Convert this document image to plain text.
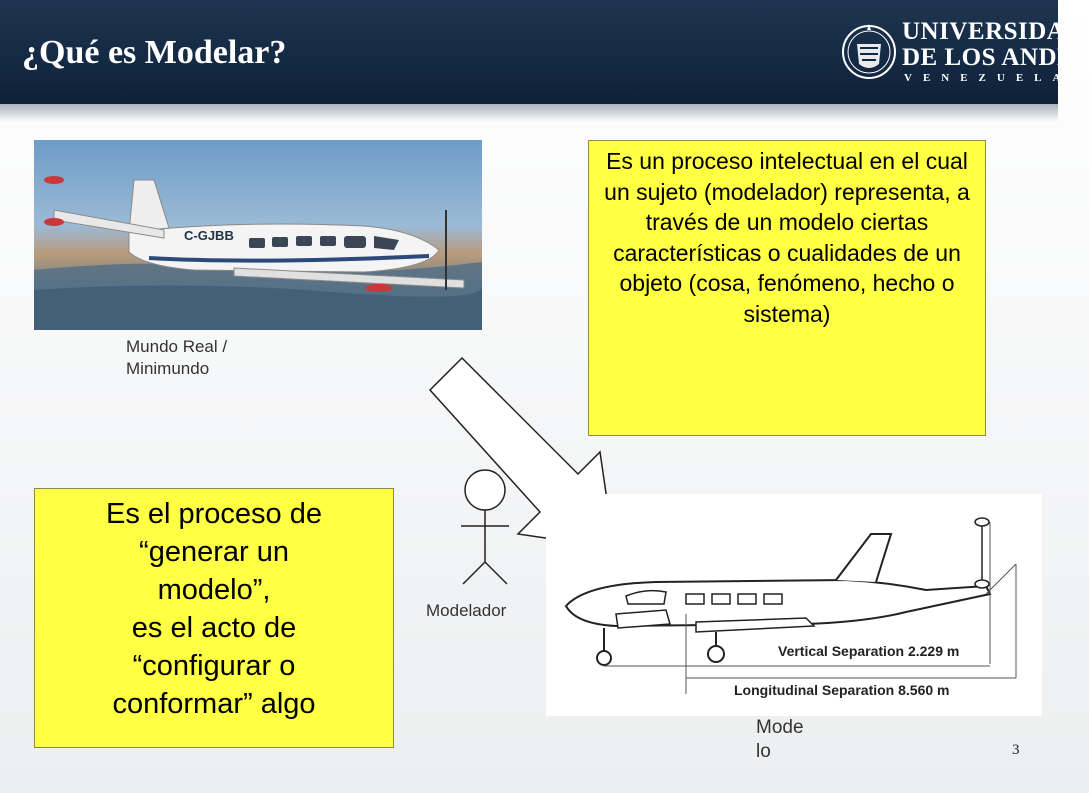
¿Qué es Modelar?
UNIVERSIDAD
DE LOS ANDES
VENEZUELA
C-GJBB
Mundo Real / Minimundo
Es un proceso intelectual en el cual un sujeto (modelador) representa, a través de un modelo ciertas características o cualidades de un objeto (cosa, fenómeno, hecho o sistema)
Es el proceso de
“generar un
modelo”,
es el acto de
“configurar o
conformar” algo
Modelador
Vertical Separation 2.229 m
Longitudinal Separation 8.560 m
Modelo	3
